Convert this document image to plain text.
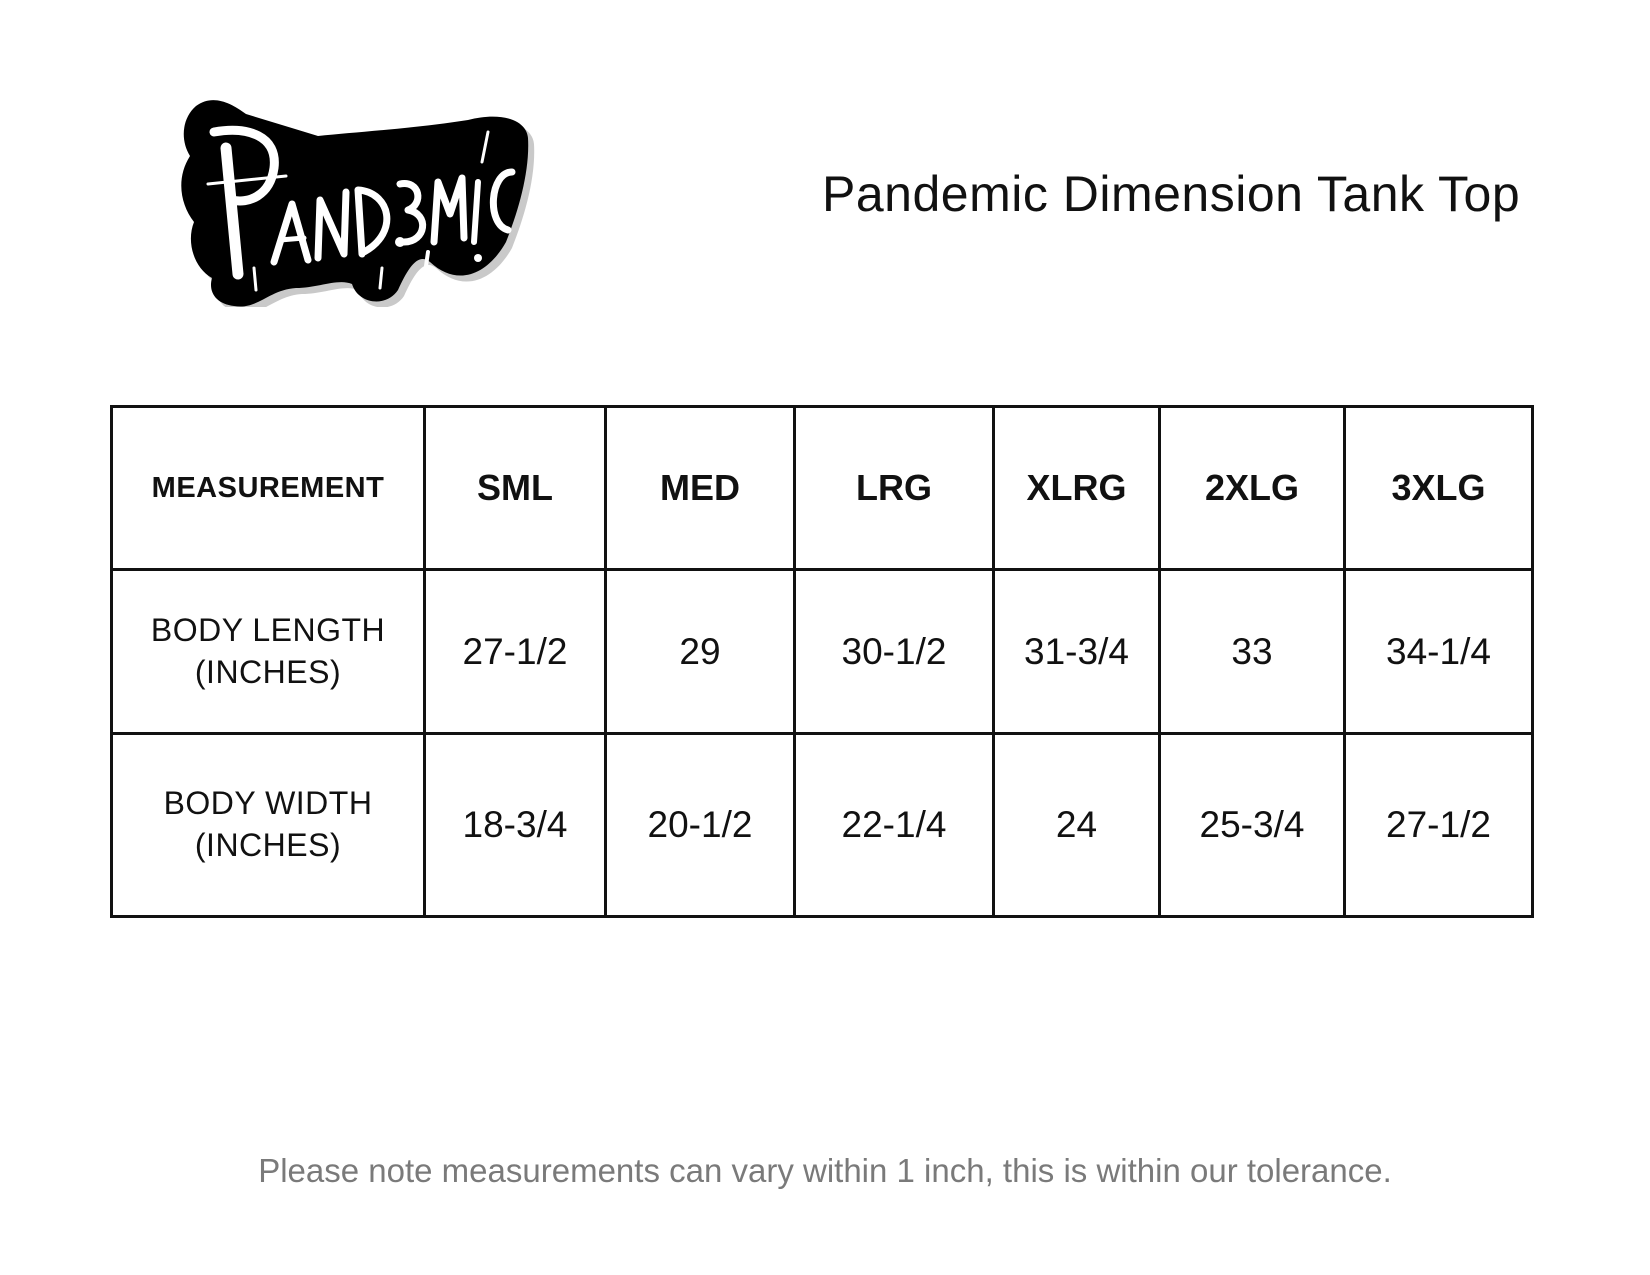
Pandemic Dimension Tank Top
MEASUREMENT	SML	MED	LRG	XLRG	2XLG	3XLG
BODY LENGTH
(INCHES)	27-1/2	29	30-1/2	31-3/4	33	34-1/4
BODY WIDTH
(INCHES)	18-3/4	20-1/2	22-1/4	24	25-3/4	27-1/2
Please note measurements can vary within 1 inch, this is within our tolerance.
